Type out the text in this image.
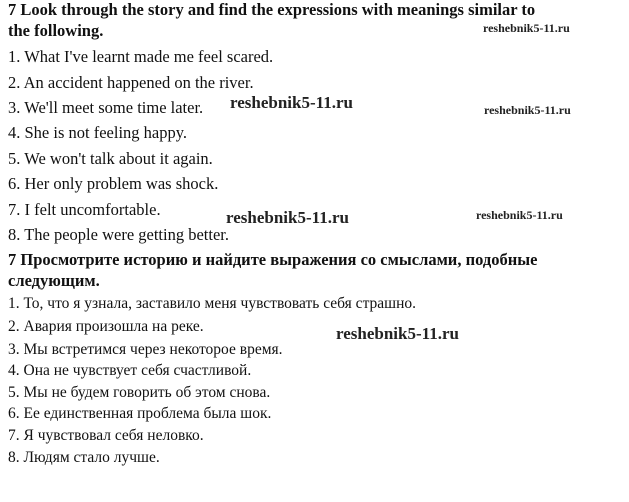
7 Look through the story and find the expressions with meanings similar to
the following.
1. What I've learnt made me feel scared.
2. An accident happened on the river.
3. We'll meet some time later.
4. She is not feeling happy.
5. We won't talk about it again.
6. Her only problem was shock.
7. I felt uncomfortable.
8. The people were getting better.
7 Просмотрите историю и найдите выражения со смыслами, подобные
следующим.
1. То, что я узнала, заставило меня чувствовать себя страшно.
2. Авария произошла на реке.
3. Мы встретимся через некоторое время.
4. Она не чувствует себя счастливой.
5. Мы не будем говорить об этом снова.
6. Ее единственная проблема была шок.
7. Я чувствовал себя неловко.
8. Людям стало лучше.
reshebnik5-11.ru
reshebnik5-11.ru	reshebnik5-11.ru
reshebnik5-11.ru	reshebnik5-11.ru
reshebnik5-11.ru
